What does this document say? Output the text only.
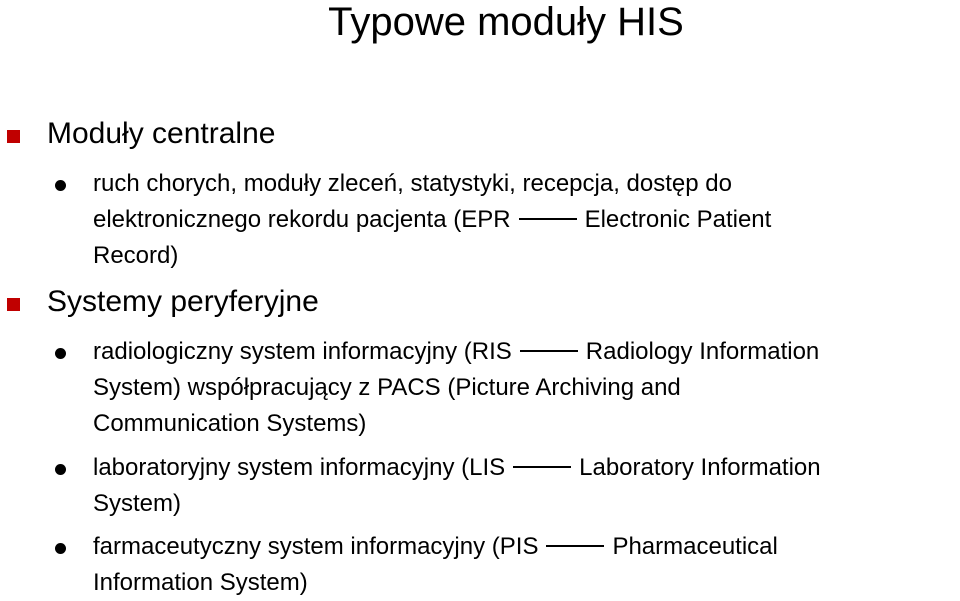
Typowe moduły HIS
Moduły centralne
ruch chorych, moduły zleceń, statystyki, recepcja, dostęp do
elektronicznego rekordu pacjenta (EPR	Electronic Patient
Record)
Systemy peryferyjne
radiologiczny system informacyjny (RIS	Radiology Information
System) współpracujący z PACS (Picture Archiving and
Communication Systems)
laboratoryjny system informacyjny (LIS	Laboratory Information
System)
farmaceutyczny system informacyjny (PIS	Pharmaceutical
Information System)
